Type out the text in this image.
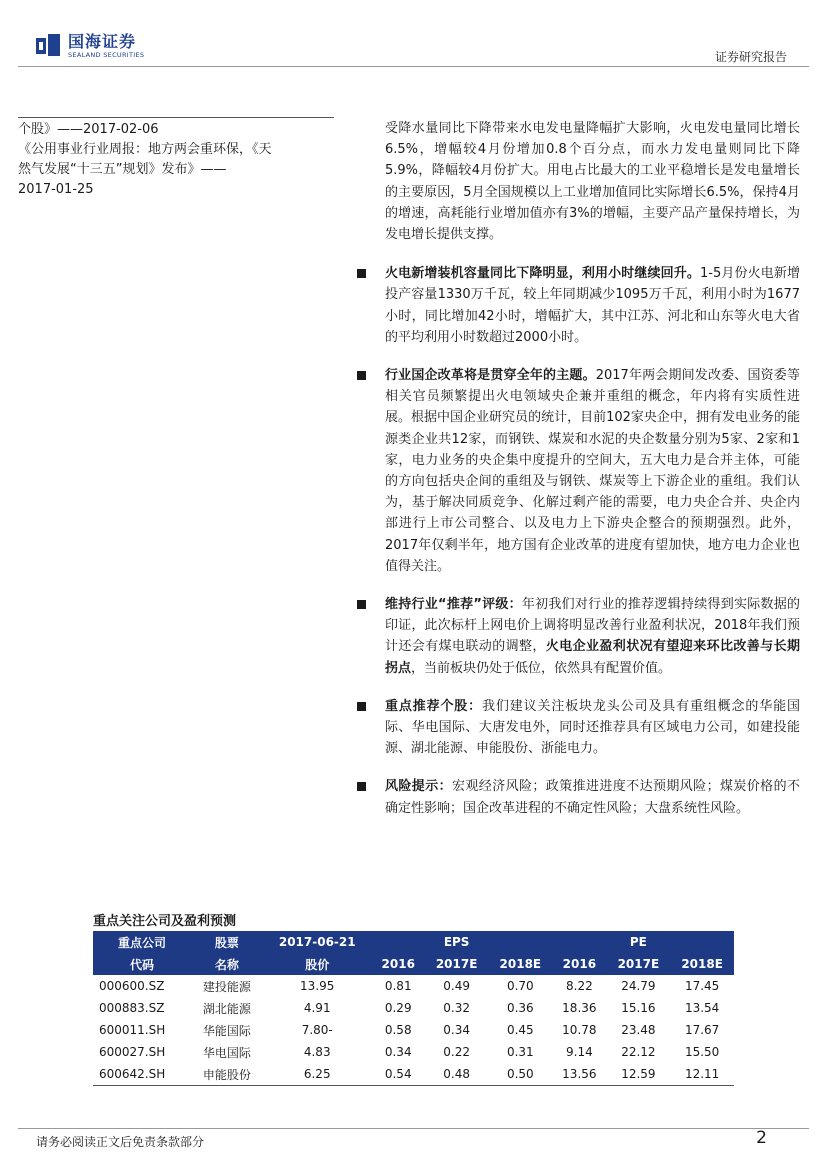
国海证券
SEALAND SECURITIES	证券研究报告

个股》——2017-02-06

《公用事业行业周报：地方两会重环保，《天

然气发展“十三五”规划》发布》——

2017-01-25

受降水量同比下降带来水电发电量降幅扩大影响，火电发电量同比增长6.5%，增幅较4月份增加0.8个百分点，而水力发电量则同比下降5.9%，降幅较4月份扩大。用电占比最大的工业平稳增长是发电量增长的主要原因，5月全国规模以上工业增加值同比实际增长6.5%，保持4月的增速，高耗能行业增加值亦有3%的增幅，主要产品产量保持增长，为发电增长提供支撑。

火电新增装机容量同比下降明显，利用小时继续回升。1-5月份火电新增投产容量1330万千瓦，较上年同期减少1095万千瓦，利用小时为1677小时，同比增加42小时，增幅扩大，其中江苏、河北和山东等火电大省的平均利用小时数超过2000小时。

行业国企改革将是贯穿全年的主题。2017年两会期间发改委、国资委等相关官员频繁提出火电领域央企兼并重组的概念，年内将有实质性进展。根据中国企业研究员的统计，目前102家央企中，拥有发电业务的能源类企业共12家，而钢铁、煤炭和水泥的央企数量分别为5家、2家和1家，电力业务的央企集中度提升的空间大，五大电力是合并主体，可能的方向包括央企间的重组及与钢铁、煤炭等上下游企业的重组。我们认为，基于解决同质竞争、化解过剩产能的需要，电力央企合并、央企内部进行上市公司整合、以及电力上下游央企整合的预期强烈。此外，2017年仅剩半年，地方国有企业改革的进度有望加快，地方电力企业也值得关注。

维持行业“推荐”评级：年初我们对行业的推荐逻辑持续得到实际数据的印证，此次标杆上网电价上调将明显改善行业盈利状况，2018年我们预计还会有煤电联动的调整，火电企业盈利状况有望迎来环比改善与长期拐点，当前板块仍处于低位，依然具有配置价值。

重点推荐个股：我们建议关注板块龙头公司及具有重组概念的华能国际、华电国际、大唐发电外，同时还推荐具有区域电力公司，如建投能源、湖北能源、申能股份、浙能电力。

风险提示：宏观经济风险；政策推进进度不达预期风险；煤炭价格的不确定性影响；国企改革进程的不确定性风险；大盘系统性风险。

重点关注公司及盈利预测
重点公司	股票	2017-06-21		EPS			PE	
代码	名称	股价	2016	2017E	2018E	2016	2017E	2018E
000600.SZ	建投能源	13.95	0.81	0.49	0.70	8.22	24.79	17.45
000883.SZ	湖北能源	4.91	0.29	0.32	0.36	18.36	15.16	13.54
600011.SH	华能国际	7.80-	0.58	0.34	0.45	10.78	23.48	17.67
600027.SH	华电国际	4.83	0.34	0.22	0.31	9.14	22.12	15.50
600642.SH	申能股份	6.25	0.54	0.48	0.50	13.56	12.59	12.11
请务必阅读正文后免责条款部分	2
